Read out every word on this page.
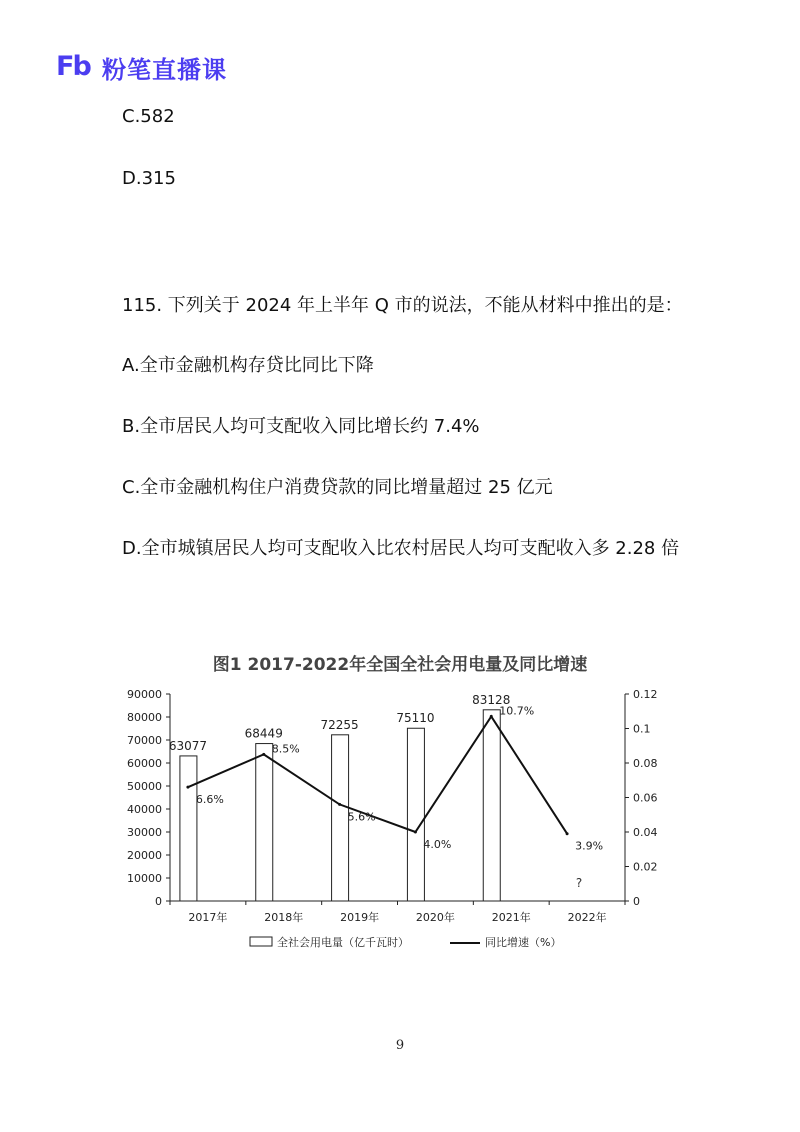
Fb 粉笔直播课
C.582
D.315
115. 下列关于 2024 年上半年 Q 市的说法，不能从材料中推出的是：
A.全市金融机构存贷比同比下降
B.全市居民人均可支配收入同比增长约 7.4%
C.全市金融机构住户消费贷款的同比增量超过 25 亿元
D.全市城镇居民人均可支配收入比农村居民人均可支配收入多 2.28 倍
图1 2017-2022年全国全社会用电量及同比增速
0
10000
20000
30000
40000
50000
60000
70000
80000
90000
0
0.02
0.04
0.06
0.08
0.1
0.12
2017年	2018年	2019年	2020年	2021年	2022年
63077
68449
72255	75110
83128
?
6.6%
8.5%
5.6%
4.0%
10.7%
3.9%
全社会用电量（亿千瓦时）	同比增速（%）
9
